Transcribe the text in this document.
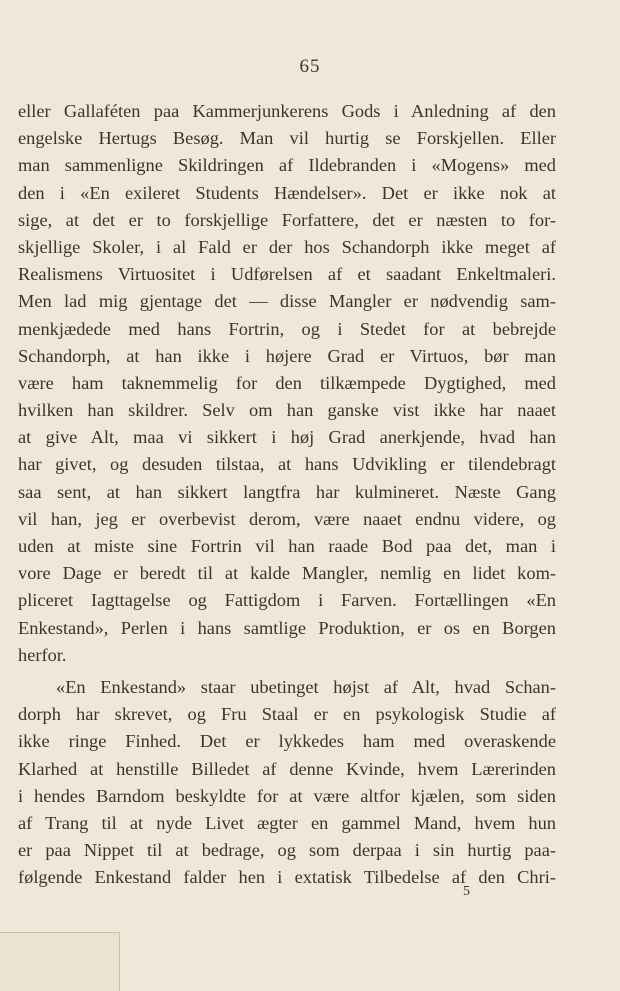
65
eller Gallaféten paa Kammerjunkerens Gods i Anledning af den
engelske Hertugs Besøg. Man vil hurtig se Forskjellen. Eller
man sammenligne Skildringen af Ildebranden i «Mogens» med
den i «En exileret Students Hændelser». Det er ikke nok at
sige, at det er to forskjellige Forfattere, det er næsten to for-
skjellige Skoler, i al Fald er der hos Schandorph ikke meget af
Realismens Virtuositet i Udførelsen af et saadant Enkeltmaleri.
Men lad mig gjentage det — disse Mangler er nødvendig sam-
menkjædede med hans Fortrin, og i Stedet for at bebrejde
Schandorph, at han ikke i højere Grad er Virtuos, bør man
være ham taknemmelig for den tilkæmpede Dygtighed, med
hvilken han skildrer. Selv om han ganske vist ikke har naaet
at give Alt, maa vi sikkert i høj Grad anerkjende, hvad han
har givet, og desuden tilstaa, at hans Udvikling er tilendebragt
saa sent, at han sikkert langtfra har kulmineret. Næste Gang
vil han, jeg er overbevist derom, være naaet endnu videre, og
uden at miste sine Fortrin vil han raade Bod paa det, man i
vore Dage er beredt til at kalde Mangler, nemlig en lidet kom-
pliceret Iagttagelse og Fattigdom i Farven. Fortællingen «En
Enkestand», Perlen i hans samtlige Produktion, er os en Borgen
herfor.
«En Enkestand» staar ubetinget højst af Alt, hvad Schan-
dorph har skrevet, og Fru Staal er en psykologisk Studie af
ikke ringe Finhed. Det er lykkedes ham med overaskende
Klarhed at henstille Billedet af denne Kvinde, hvem Lærerinden
i hendes Barndom beskyldte for at være altfor kjælen, som siden
af Trang til at nyde Livet ægter en gammel Mand, hvem hun
er paa Nippet til at bedrage, og som derpaa i sin hurtig paa-
følgende Enkestand falder hen i extatisk Tilbedelse af den Chri-
5
